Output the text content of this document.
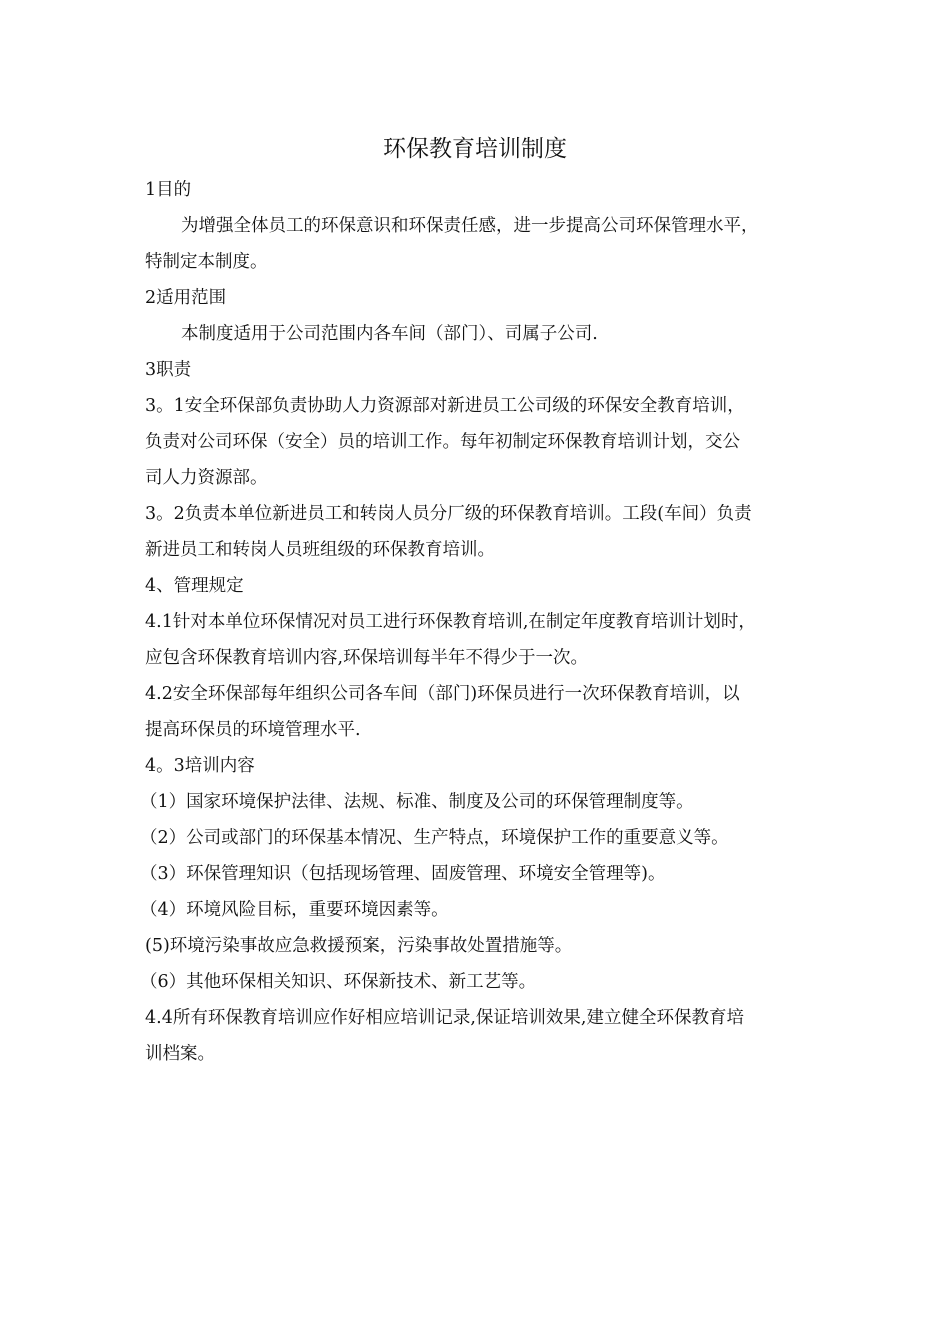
环保教育培训制度
1目的
为增强全体员工的环保意识和环保责任感，进一步提高公司环保管理水平，
特制定本制度。
2适用范围
本制度适用于公司范围内各车间（部门）、司属子公司.
3职责
3。1安全环保部负责协助人力资源部对新进员工公司级的环保安全教育培训，
负责对公司环保（安全）员的培训工作。每年初制定环保教育培训计划，交公
司人力资源部。
3。2负责本单位新进员工和转岗人员分厂级的环保教育培训。工段(车间）负责
新进员工和转岗人员班组级的环保教育培训。
4、管理规定
4.1针对本单位环保情况对员工进行环保教育培训,在制定年度教育培训计划时，
应包含环保教育培训内容,环保培训每半年不得少于一次。
4.2安全环保部每年组织公司各车间（部门)环保员进行一次环保教育培训，以
提高环保员的环境管理水平.
4。3培训内容
（1）国家环境保护法律、法规、标准、制度及公司的环保管理制度等。
（2）公司或部门的环保基本情况、生产特点，环境保护工作的重要意义等。
（3）环保管理知识（包括现场管理、固废管理、环境安全管理等)。
（4）环境风险目标，重要环境因素等。
(5)环境污染事故应急救援预案，污染事故处置措施等。
（6）其他环保相关知识、环保新技术、新工艺等。
4.4所有环保教育培训应作好相应培训记录,保证培训效果,建立健全环保教育培
训档案。
